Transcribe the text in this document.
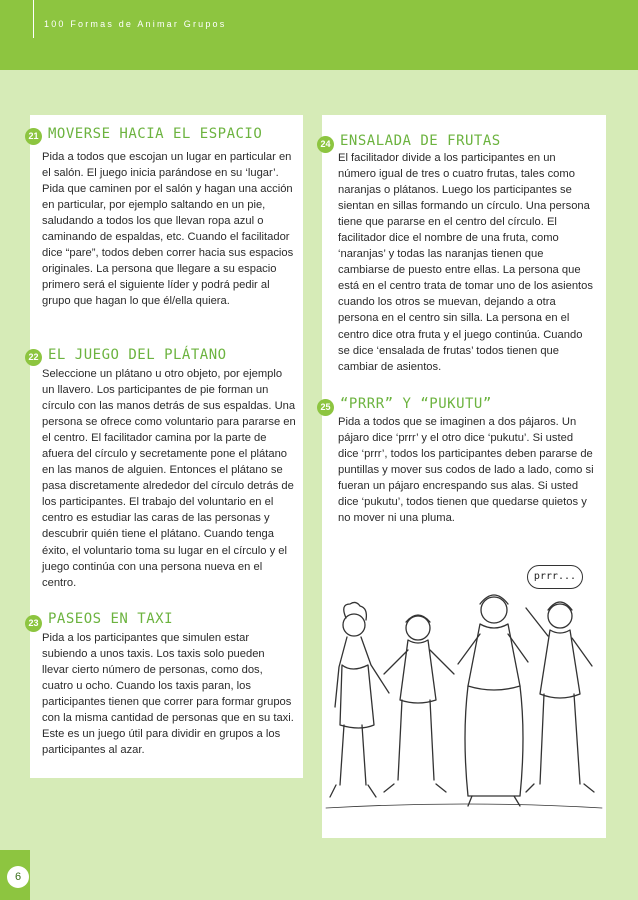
100 Formas de Animar Grupos
21 MOVERSE HACIA EL ESPACIO
Pida a todos que escojan un lugar en particular en el salón. El juego inicia parándose en su ‘lugar’. Pida que caminen por el salón y hagan una acción en particular, por ejemplo saltando en un pie, saludando a todos los que llevan ropa azul o caminando de espaldas, etc. Cuando el facilitador dice “pare”, todos deben correr hacia sus espacios originales. La persona que llegare a su espacio primero será el siguiente líder y podrá pedir al grupo que hagan lo que él/ella quiera.
22 EL JUEGO DEL PLÁTANO
Seleccione un plátano u otro objeto, por ejemplo un llavero. Los participantes de pie forman un círculo con las manos detrás de sus espaldas. Una persona se ofrece como voluntario para pararse en el centro. El facilitador camina por la parte de afuera del círculo y secretamente pone el plátano en las manos de alguien. Entonces el plátano se pasa discretamente alrededor del círculo detrás de los participantes. El trabajo del voluntario en el centro es estudiar las caras de las personas y descubrir quién tiene el plátano. Cuando tenga éxito, el voluntario toma su lugar en el círculo y el juego continúa con una persona nueva en el centro.
23 PASEOS EN TAXI
Pida a los participantes que simulen estar subiendo a unos taxis. Los taxis solo pueden llevar cierto número de personas, como dos, cuatro u ocho. Cuando los taxis paran, los participantes tienen que correr para formar grupos con la misma cantidad de personas que en su taxi. Este es un juego útil para dividir en grupos a los participantes al azar.
24 ENSALADA DE FRUTAS
El facilitador divide a los participantes en un número igual de tres o cuatro frutas, tales como naranjas o plátanos. Luego los participantes se sientan en sillas formando un círculo. Una persona tiene que pararse en el centro del círculo. El facilitador dice el nombre de una fruta, como ‘naranjas’ y todas las naranjas tienen que cambiarse de puesto entre ellas. La persona que está en el centro trata de tomar uno de los asientos cuando los otros se muevan, dejando a otra persona en el centro sin silla. La persona en el centro dice otra fruta y el juego continúa. Cuando se dice ‘ensalada de frutas’ todos tienen que cambiar de asientos.
25 “PRRR” Y “PUKUTU”
Pida a todos que se imaginen a dos pájaros. Un pájaro dice ‘prrr’ y el otro dice ‘pukutu’. Si usted dice ‘prrr’, todos los participantes deben pararse de puntillas y mover sus codos de lado a lado, como si fueran un pájaro encrespando sus alas. Si usted dice ‘pukutu’, todos tienen que quedarse quietos y no mover ni una pluma.
prrr...
6
